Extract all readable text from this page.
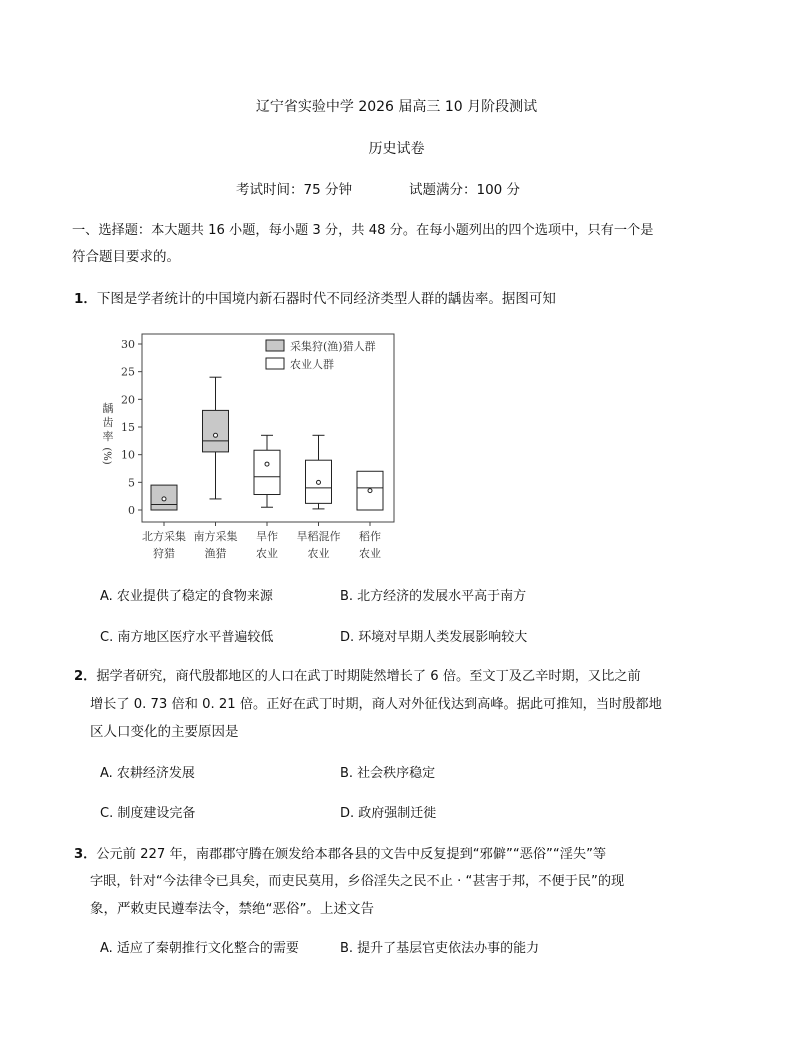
辽宁省实验中学 2026 届高三 10 月阶段测试
历史试卷
考试时间：75 分钟	试题满分：100 分
一、选择题：本大题共 16 小题，每小题 3 分，共 48 分。在每小题列出的四个选项中，只有一个是
符合题目要求的。
1．下图是学者统计的中国境内新石器时代不同经济类型人群的龋齿率。据图可知
0
5
10
15
20
25
30
龋
齿
率
(%)
北方采集
狩猎
南方采集
渔猎
旱作
农业
旱稻混作
农业
稻作
农业
采集狩(渔)猎人群
农业人群
A. 农业提供了稳定的食物来源	B. 北方经济的发展水平高于南方
C. 南方地区医疗水平普遍较低	D. 环境对早期人类发展影响较大
2．据学者研究，商代殷都地区的人口在武丁时期陡然增长了 6 倍。至文丁及乙辛时期，又比之前
增长了 0. 73 倍和 0. 21 倍。正好在武丁时期，商人对外征伐达到高峰。据此可推知，当时殷都地
区人口变化的主要原因是
A. 农耕经济发展	B. 社会秩序稳定
C. 制度建设完备	D. 政府强制迁徙
3．公元前 227 年，南郡郡守腾在颁发给本郡各县的文告中反复提到“邪僻”“恶俗”“淫失”等
字眼，针对“今法律令已具矣，而吏民莫用，乡俗淫失之民不止 · “甚害于邦，不便于民”的现
象，严敕吏民遵奉法令，禁绝“恶俗”。上述文告
A. 适应了秦朝推行文化整合的需要	B. 提升了基层官吏依法办事的能力
